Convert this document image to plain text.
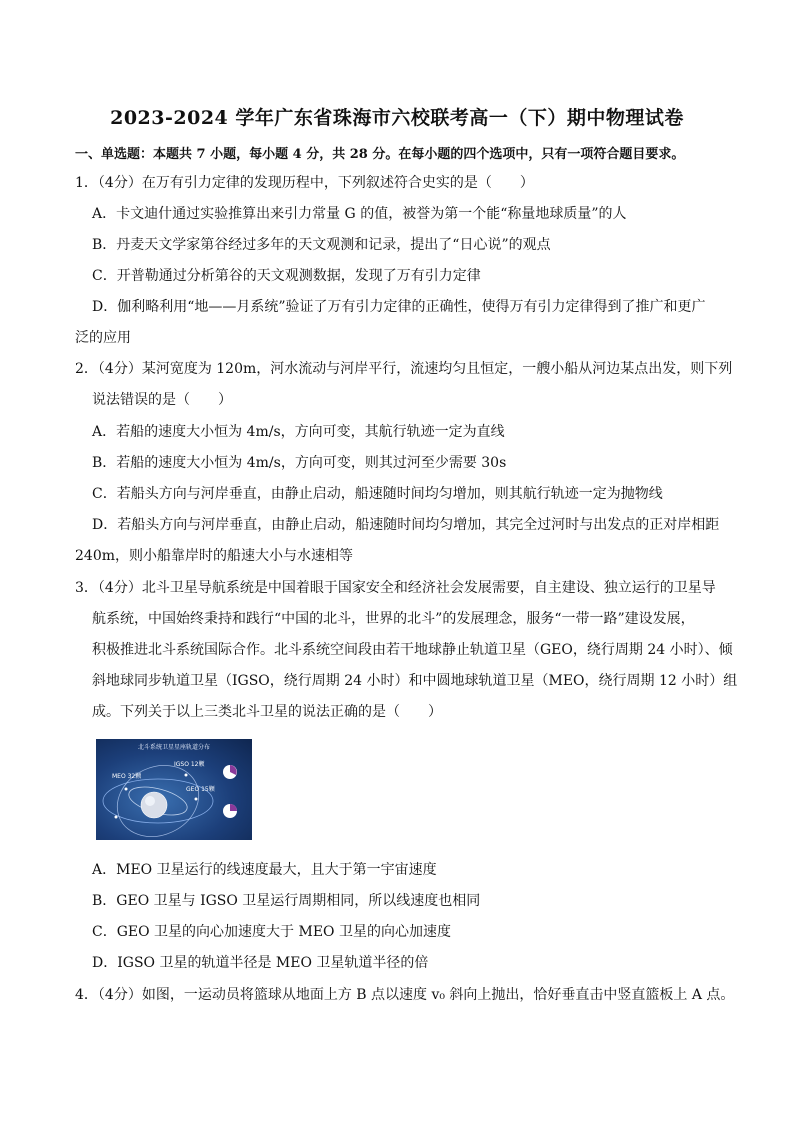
2023-2024 学年广东省珠海市六校联考高一（下）期中物理试卷
一、单选题：本题共 7 小题，每小题 4 分，共 28 分。在每小题的四个选项中，只有一项符合题目要求。
1．（4分）在万有引力定律的发现历程中，下列叙述符合史实的是（　　）
A．卡文迪什通过实验推算出来引力常量 G 的值，被誉为第一个能“称量地球质量”的人
B．丹麦天文学家第谷经过多年的天文观测和记录，提出了“日心说”的观点
C．开普勒通过分析第谷的天文观测数据，发现了万有引力定律
D．伽利略利用“地——月系统”验证了万有引力定律的正确性，使得万有引力定律得到了推广和更广
泛的应用
2．（4分）某河宽度为 120m，河水流动与河岸平行，流速均匀且恒定，一艘小船从河边某点出发，则下列
说法错误的是（　　）
A．若船的速度大小恒为 4m/s，方向可变，其航行轨迹一定为直线
B．若船的速度大小恒为 4m/s，方向可变，则其过河至少需要 30s
C．若船头方向与河岸垂直，由静止启动，船速随时间均匀增加，则其航行轨迹一定为抛物线
D．若船头方向与河岸垂直，由静止启动，船速随时间均匀增加，其完全过河时与出发点的正对岸相距
240m，则小船靠岸时的船速大小与水速相等
3．（4分）北斗卫星导航系统是中国着眼于国家安全和经济社会发展需要，自主建设、独立运行的卫星导
航系统，中国始终秉持和践行“中国的北斗，世界的北斗”的发展理念，服务“一带一路”建设发展，
积极推进北斗系统国际合作。北斗系统空间段由若干地球静止轨道卫星（GEO，绕行周期 24 小时）、倾
斜地球同步轨道卫星（IGSO，绕行周期 24 小时）和中圆地球轨道卫星（MEO，绕行周期 12 小时）组
成。下列关于以上三类北斗卫星的说法正确的是（　　）
北斗系统卫星星座轨道分布
IGSO 12颗
MEO 32颗
GEO 15颗
A．MEO 卫星运行的线速度最大，且大于第一宇宙速度
B．GEO 卫星与 IGSO 卫星运行周期相同，所以线速度也相同
C．GEO 卫星的向心加速度大于 MEO 卫星的向心加速度
D．IGSO 卫星的轨道半径是 MEO 卫星轨道半径的倍
4．（4分）如图，一运动员将篮球从地面上方 B 点以速度 v₀ 斜向上抛出，恰好垂直击中竖直篮板上 A 点。
